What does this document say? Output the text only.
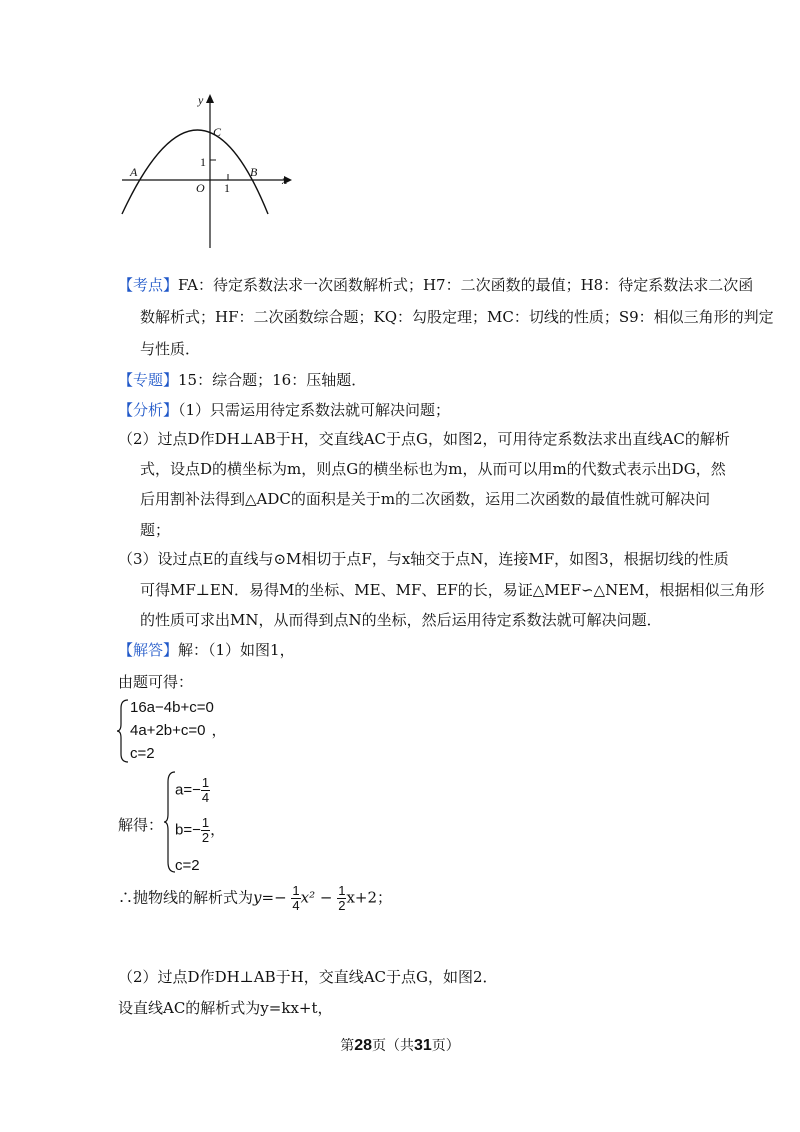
y
x
C
A	B
O
1
1
【考点】FA：待定系数法求一次函数解析式；H7：二次函数的最值；H8：待定系数法求二次函
数解析式；HF：二次函数综合题；KQ：勾股定理；MC：切线的性质；S9：相似三角形的判定
与性质．
【专题】15：综合题；16：压轴题．
【分析】（1）只需运用待定系数法就可解决问题；
（2）过点D作DH⊥AB于H，交直线AC于点G，如图2，可用待定系数法求出直线AC的解析
式，设点D的横坐标为m，则点G的横坐标也为m，从而可以用m的代数式表示出DG，然
后用割补法得到△ADC的面积是关于m的二次函数，运用二次函数的最值性就可解决问
题；
（3）设过点E的直线与⊙M相切于点F，与x轴交于点N，连接MF，如图3，根据切线的性质
可得MF⊥EN．易得M的坐标、ME、MF、EF的长，易证△MEF∽△NEM，根据相似三角形
的性质可求出MN，从而得到点N的坐标，然后运用待定系数法就可解决问题．
【解答】解：（1）如图1，
由题可得：
16a−4b+c=0
4a+2b+c=0 ，
c=2
解得：
$a=- \frac{1}{4}$
$b=- \frac{1}{2}$ ，
c=2
∴抛物线的解析式为$y=- \frac{1}{4} x^2 - \frac{1}{2} x+2$；
（2）过点D作DH⊥AB于H，交直线AC于点G，如图2．
设直线AC的解析式为y=kx+t，
第28页（共31页）
